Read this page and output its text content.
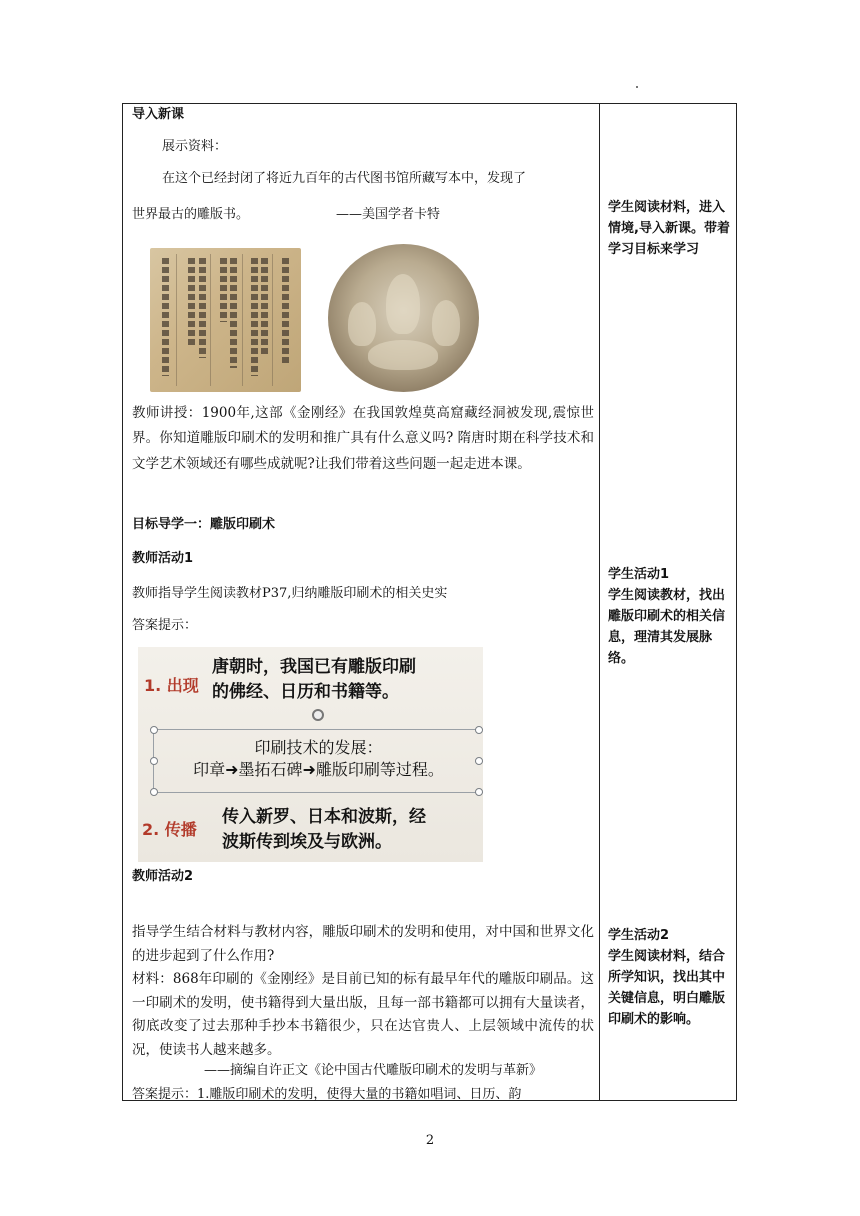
导入新课
展示资料：
在这个已经封闭了将近九百年的古代图书馆所藏写本中，发现了
世界最古的雕版书。	——美国学者卡特
教师讲授：1900年,这部《金刚经》在我国敦煌莫高窟藏经洞被发现,震惊世界。你知道雕版印刷术的发明和推广具有什么意义吗? 隋唐时期在科学技术和文学艺术领域还有哪些成就呢?让我们带着这些问题一起走进本课。
目标导学一：雕版印刷术
教师活动1
教师指导学生阅读教材P37,归纳雕版印刷术的相关史实
答案提示：
1. 出现
唐朝时，我国已有雕版印刷
的佛经、日历和书籍等。
印刷技术的发展：
印章➜墨拓石碑➜雕版印刷等过程。
2. 传播
传入新罗、日本和波斯，经
波斯传到埃及与欧洲。
教师活动2
指导学生结合材料与教材内容，雕版印刷术的发明和使用，对中国和世界文化的进步起到了什么作用?
材料：868年印刷的《金刚经》是目前已知的标有最早年代的雕版印刷品。这一印刷术的发明，使书籍得到大量出版，且每一部书籍都可以拥有大量读者，彻底改变了过去那种手抄本书籍很少，只在达官贵人、上层领域中流传的状况，使读书人越来越多。
——摘编自许正文《论中国古代雕版印刷术的发明与革新》
答案提示：1.雕版印刷术的发明，使得大量的书籍如唱词、日历、韵
学生阅读材料，进入情境,导入新课。带着学习目标来学习
学生活动1
学生阅读教材，找出雕版印刷术的相关信息，理清其发展脉络。
学生活动2
学生阅读材料，结合所学知识，找出其中关键信息，明白雕版印刷术的影响。
2
